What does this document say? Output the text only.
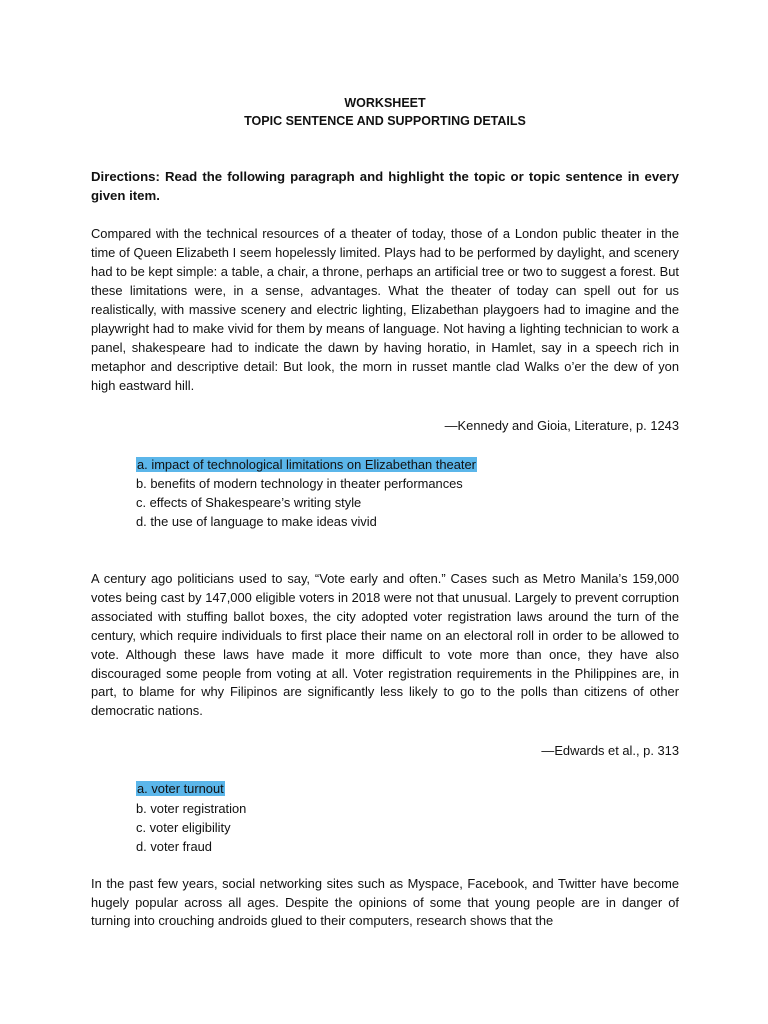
WORKSHEET

TOPIC SENTENCE AND SUPPORTING DETAILS

Directions: Read the following paragraph and highlight the topic or topic sentence in every given item.

Compared with the technical resources of a theater of today, those of a London public theater in the time of Queen Elizabeth I seem hopelessly limited. Plays had to be performed by daylight, and scenery had to be kept simple: a table, a chair, a throne, perhaps an artificial tree or two to suggest a forest. But these limitations were, in a sense, advantages. What the theater of today can spell out for us realistically, with massive scenery and electric lighting, Elizabethan playgoers had to imagine and the playwright had to make vivid for them by means of language. Not having a lighting technician to work a panel, shakespeare had to indicate the dawn by having horatio, in Hamlet, say in a speech rich in metaphor and descriptive detail: But look, the morn in russet mantle clad Walks o’er the dew of yon high eastward hill.

—Kennedy and Gioia, Literature, p. 1243

a. impact of technological limitations on Elizabethan theater
b. benefits of modern technology in theater performances
c. effects of Shakespeare’s writing style
d. the use of language to make ideas vivid

A century ago politicians used to say, “Vote early and often.” Cases such as Metro Manila’s 159,000 votes being cast by 147,000 eligible voters in 2018 were not that unusual. Largely to prevent corruption associated with stuffing ballot boxes, the city adopted voter registration laws around the turn of the century, which require individuals to first place their name on an electoral roll in order to be allowed to vote. Although these laws have made it more difficult to vote more than once, they have also discouraged some people from voting at all. Voter registration requirements in the Philippines are, in part, to blame for why Filipinos are significantly less likely to go to the polls than citizens of other democratic nations.

—Edwards et al., p. 313

a. voter turnout
b. voter registration
c. voter eligibility
d. voter fraud

In the past few years, social networking sites such as Myspace, Facebook, and Twitter have become hugely popular across all ages. Despite the opinions of some that young people are in danger of turning into crouching androids glued to their computers, research shows that the
